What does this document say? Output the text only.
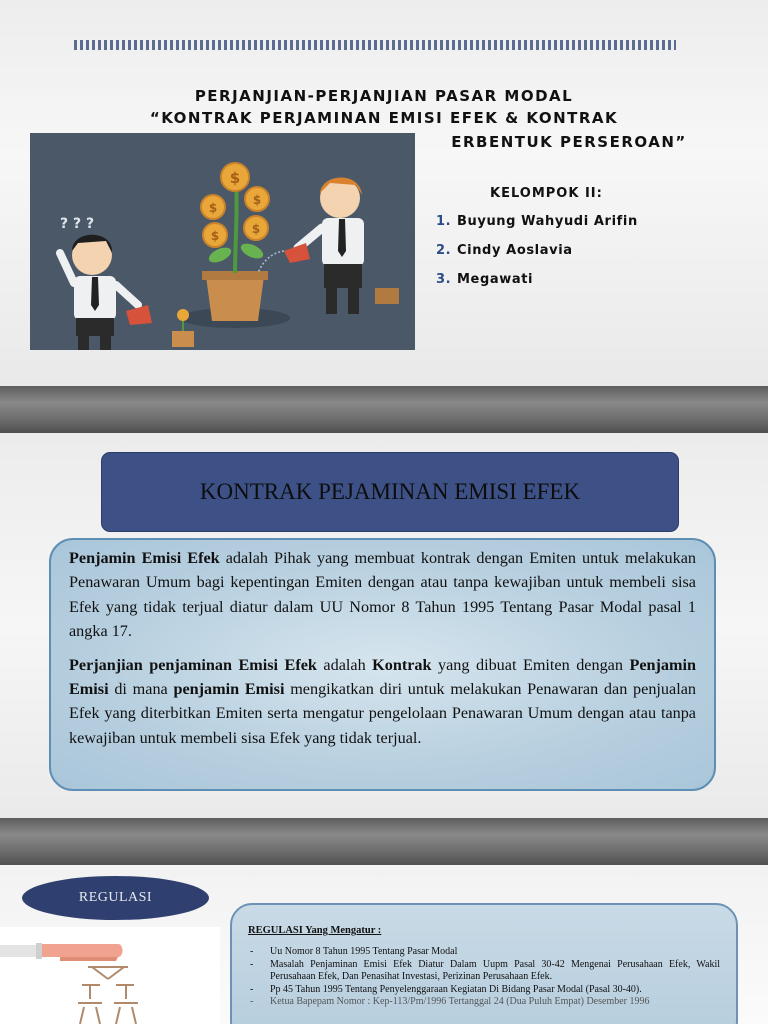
PERJANJIAN-PERJANJIAN PASAR MODAL
“KONTRAK PERJAMINAN EMISI EFEK & KONTRAK
ERBENTUK PERSEROAN”
$
$
$
$	$
? ? ?
KELOMPOK II:
1. Buyung Wahyudi Arifin
2. Cindy Aoslavia
3. Megawati
KONTRAK PEJAMINAN EMISI EFEK

Penjamin Emisi Efek adalah Pihak yang membuat kontrak dengan Emiten untuk melakukan Penawaran Umum bagi kepentingan Emiten dengan atau tanpa kewajiban untuk membeli sisa Efek yang tidak terjual diatur dalam UU Nomor 8 Tahun 1995 Tentang Pasar Modal pasal 1 angka 17.

Perjanjian penjaminan Emisi Efek adalah Kontrak yang dibuat Emiten dengan Penjamin Emisi di mana penjamin Emisi mengikatkan diri untuk melakukan Penawaran dan penjualan Efek yang diterbitkan Emiten serta mengatur pengelolaan Penawaran Umum dengan atau tanpa kewajiban untuk membeli sisa Efek yang tidak terjual.

REGULASI
REGULASI Yang Mengatur :
- Uu Nomor 8 Tahun 1995 Tentang Pasar Modal
- Masalah Penjaminan Emisi Efek Diatur Dalam Uupm Pasal 30-42 Mengenai Perusahaan Efek, Wakil Perusahaan Efek, Dan Penasihat Investasi, Perizinan Perusahaan Efek.
- Pp 45 Tahun 1995 Tentang Penyelenggaraan Kegiatan Di Bidang Pasar Modal (Pasal 30-40).
- Ketua Bapepam Nomor : Kep-113/Pm/1996 Tertanggal 24 (Dua Puluh Empat) Desember 1996
